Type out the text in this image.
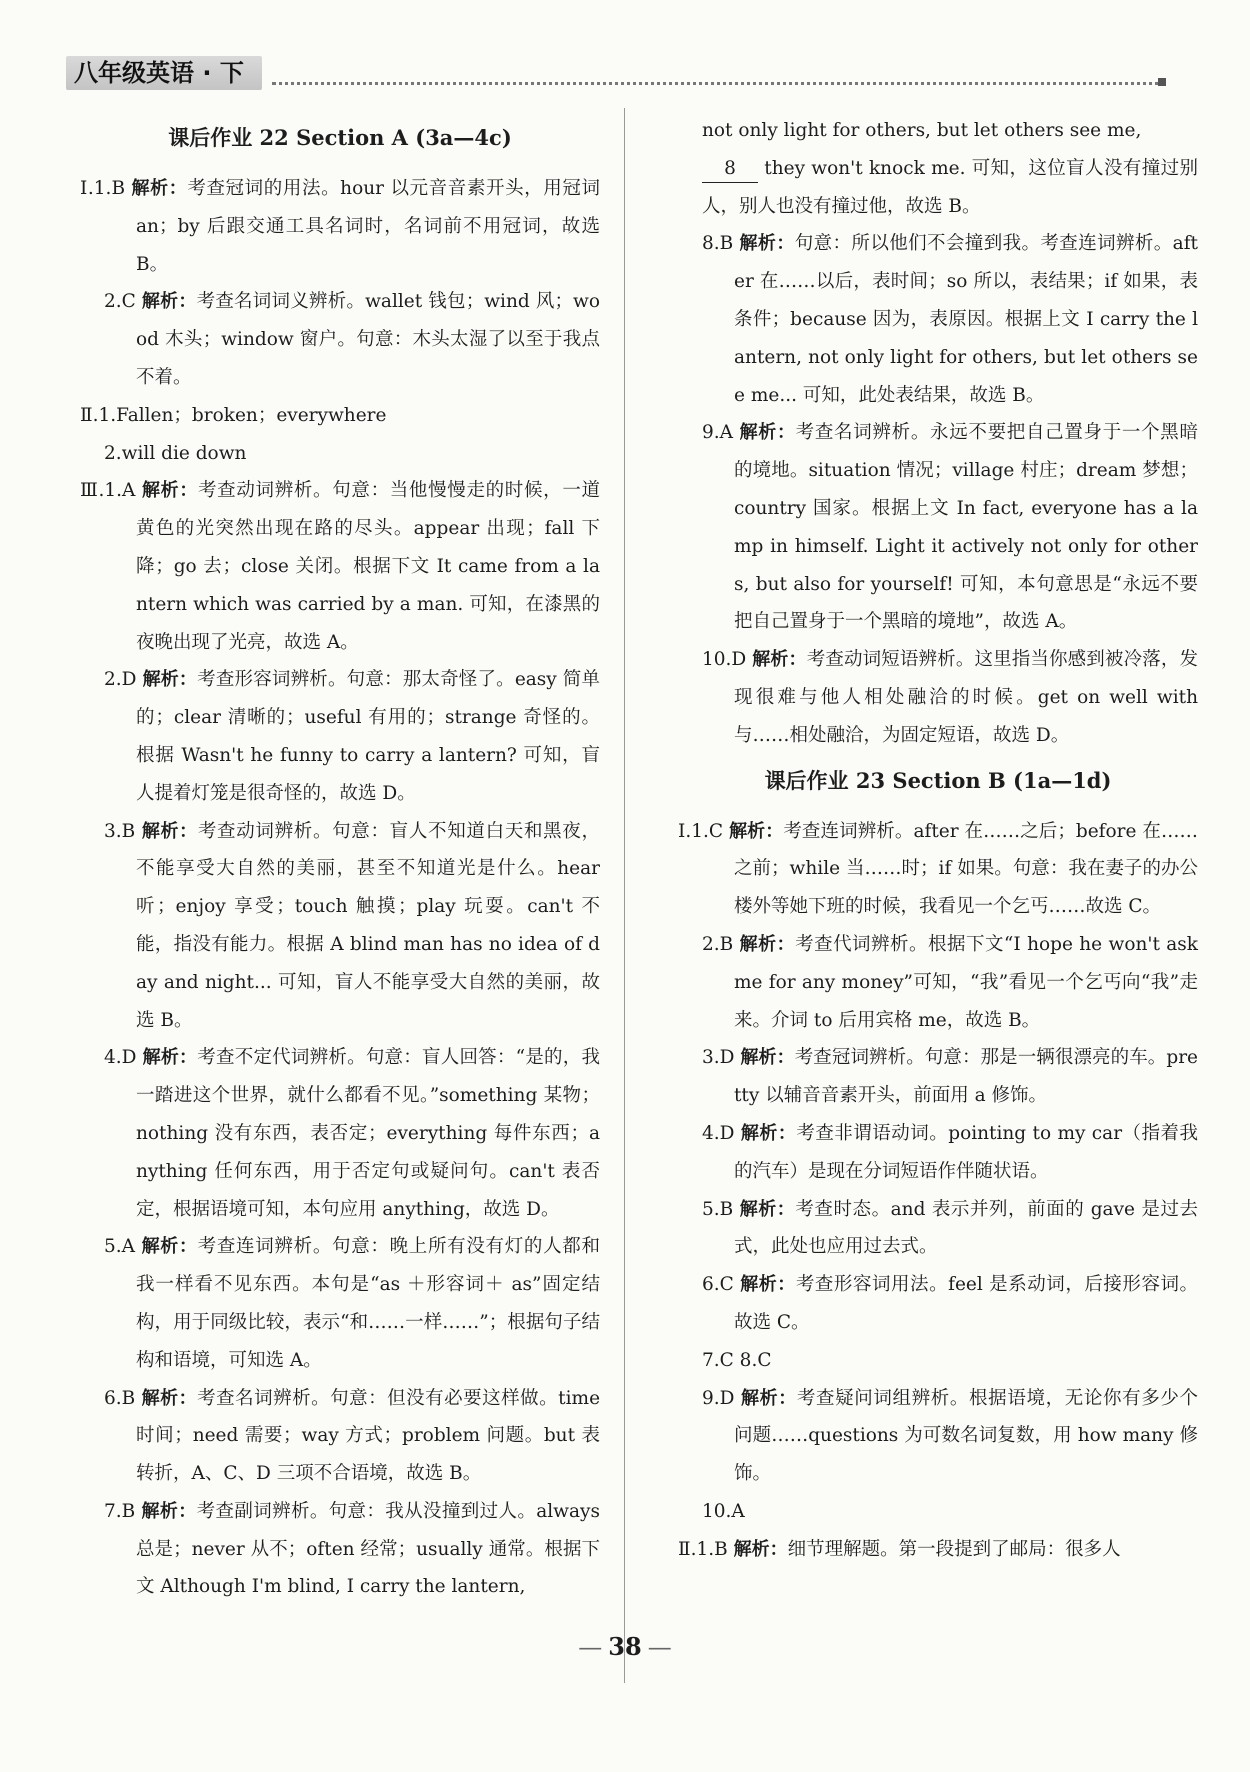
八年级英语 · 下
课后作业 22 Section A (3a—4c)

Ⅰ.1.B 解析：考查冠词的用法。hour 以元音音素开头，用冠词 an；by 后跟交通工具名词时，名词前不用冠词，故选 B。

2.C 解析：考查名词词义辨析。wallet 钱包；wind 风；wood 木头；window 窗户。句意：木头太湿了以至于我点不着。

Ⅱ.1.Fallen；broken；everywhere

2.will die down

Ⅲ.1.A 解析：考查动词辨析。句意：当他慢慢走的时候，一道黄色的光突然出现在路的尽头。appear 出现；fall 下降；go 去；close 关闭。根据下文 It came from a lantern which was carried by a man. 可知，在漆黑的夜晚出现了光亮，故选 A。

2.D 解析：考查形容词辨析。句意：那太奇怪了。easy 简单的；clear 清晰的；useful 有用的；strange 奇怪的。根据 Wasn't he funny to carry a lantern? 可知，盲人提着灯笼是很奇怪的，故选 D。

3.B 解析：考查动词辨析。句意：盲人不知道白天和黑夜，不能享受大自然的美丽，甚至不知道光是什么。hear 听；enjoy 享受；touch 触摸；play 玩耍。can't 不能，指没有能力。根据 A blind man has no idea of day and night... 可知，盲人不能享受大自然的美丽，故选 B。

4.D 解析：考查不定代词辨析。句意：盲人回答：“是的，我一踏进这个世界，就什么都看不见。”something 某物；nothing 没有东西，表否定；everything 每件东西；anything 任何东西，用于否定句或疑问句。can't 表否定，根据语境可知，本句应用 anything，故选 D。

5.A 解析：考查连词辨析。句意：晚上所有没有灯的人都和我一样看不见东西。本句是“as ＋形容词＋ as”固定结构，用于同级比较，表示“和……一样……”；根据句子结构和语境，可知选 A。

6.B 解析：考查名词辨析。句意：但没有必要这样做。time 时间；need 需要；way 方式；problem 问题。but 表转折，A、C、D 三项不合语境，故选 B。

7.B 解析：考查副词辨析。句意：我从没撞到过人。always 总是；never 从不；often 经常；usually 通常。根据下文 Although I'm blind, I carry the lantern,

not only light for others, but let others see me,

8 they won't knock me. 可知，这位盲人没有撞过别人，别人也没有撞过他，故选 B。

8.B 解析：句意：所以他们不会撞到我。考查连词辨析。after 在……以后，表时间；so 所以，表结果；if 如果，表条件；because 因为，表原因。根据上文 I carry the lantern, not only light for others, but let others see me... 可知，此处表结果，故选 B。

9.A 解析：考查名词辨析。永远不要把自己置身于一个黑暗的境地。situation 情况；village 村庄；dream 梦想；country 国家。根据上文 In fact, everyone has a lamp in himself. Light it actively not only for others, but also for yourself! 可知，本句意思是“永远不要把自己置身于一个黑暗的境地”，故选 A。

10.D 解析：考查动词短语辨析。这里指当你感到被冷落，发现很难与他人相处融洽的时候。get on well with 与……相处融洽，为固定短语，故选 D。

课后作业 23 Section B (1a—1d)

Ⅰ.1.C 解析：考查连词辨析。after 在……之后；before 在……之前；while 当……时；if 如果。句意：我在妻子的办公楼外等她下班的时候，我看见一个乞丐……故选 C。

2.B 解析：考查代词辨析。根据下文“I hope he won't ask me for any money”可知，“我”看见一个乞丐向“我”走来。介词 to 后用宾格 me，故选 B。

3.D 解析：考查冠词辨析。句意：那是一辆很漂亮的车。pretty 以辅音音素开头，前面用 a 修饰。

4.D 解析：考查非谓语动词。pointing to my car（指着我的汽车）是现在分词短语作伴随状语。

5.B 解析：考查时态。and 表示并列，前面的 gave 是过去式，此处也应用过去式。

6.C 解析：考查形容词用法。feel 是系动词，后接形容词。故选 C。

7.C 8.C

9.D 解析：考查疑问词组辨析。根据语境，无论你有多少个问题……questions 为可数名词复数，用 how many 修饰。

10.A

Ⅱ.1.B 解析：细节理解题。第一段提到了邮局：很多人

— 38 —
